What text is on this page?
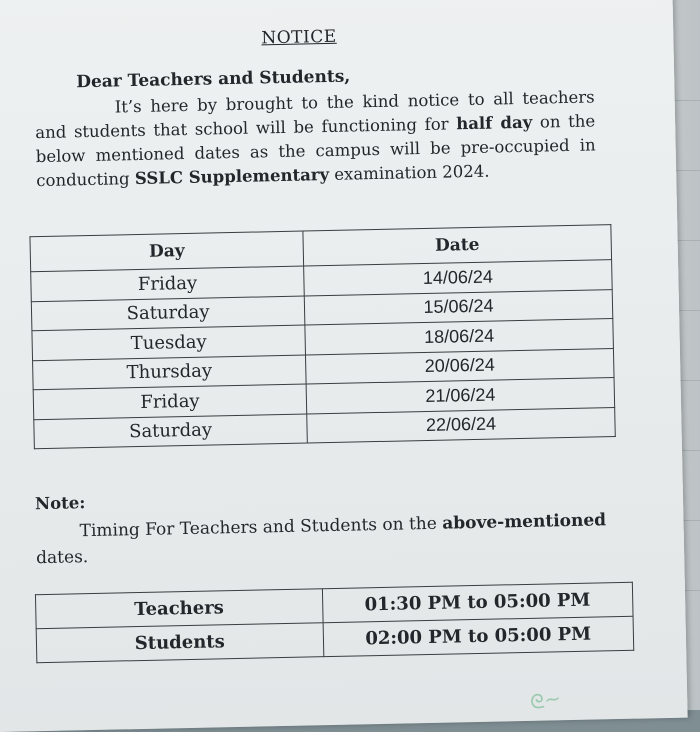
NOTICE
Dear Teachers and Students,
It’s here by brought to the kind notice to all teachers and students that school will be functioning for half day on the below mentioned dates as the campus will be pre-occupied in conducting SSLC Supplementary examination 2024.
Day	Date
Friday	14/06/24
Saturday	15/06/24
Tuesday	18/06/24
Thursday	20/06/24
Friday	21/06/24
Saturday	22/06/24
Note:
Timing For Teachers and Students on the above-mentioned dates.
Teachers	01:30 PM to 05:00 PM
Students	02:00 PM to 05:00 PM
ᘓ~
